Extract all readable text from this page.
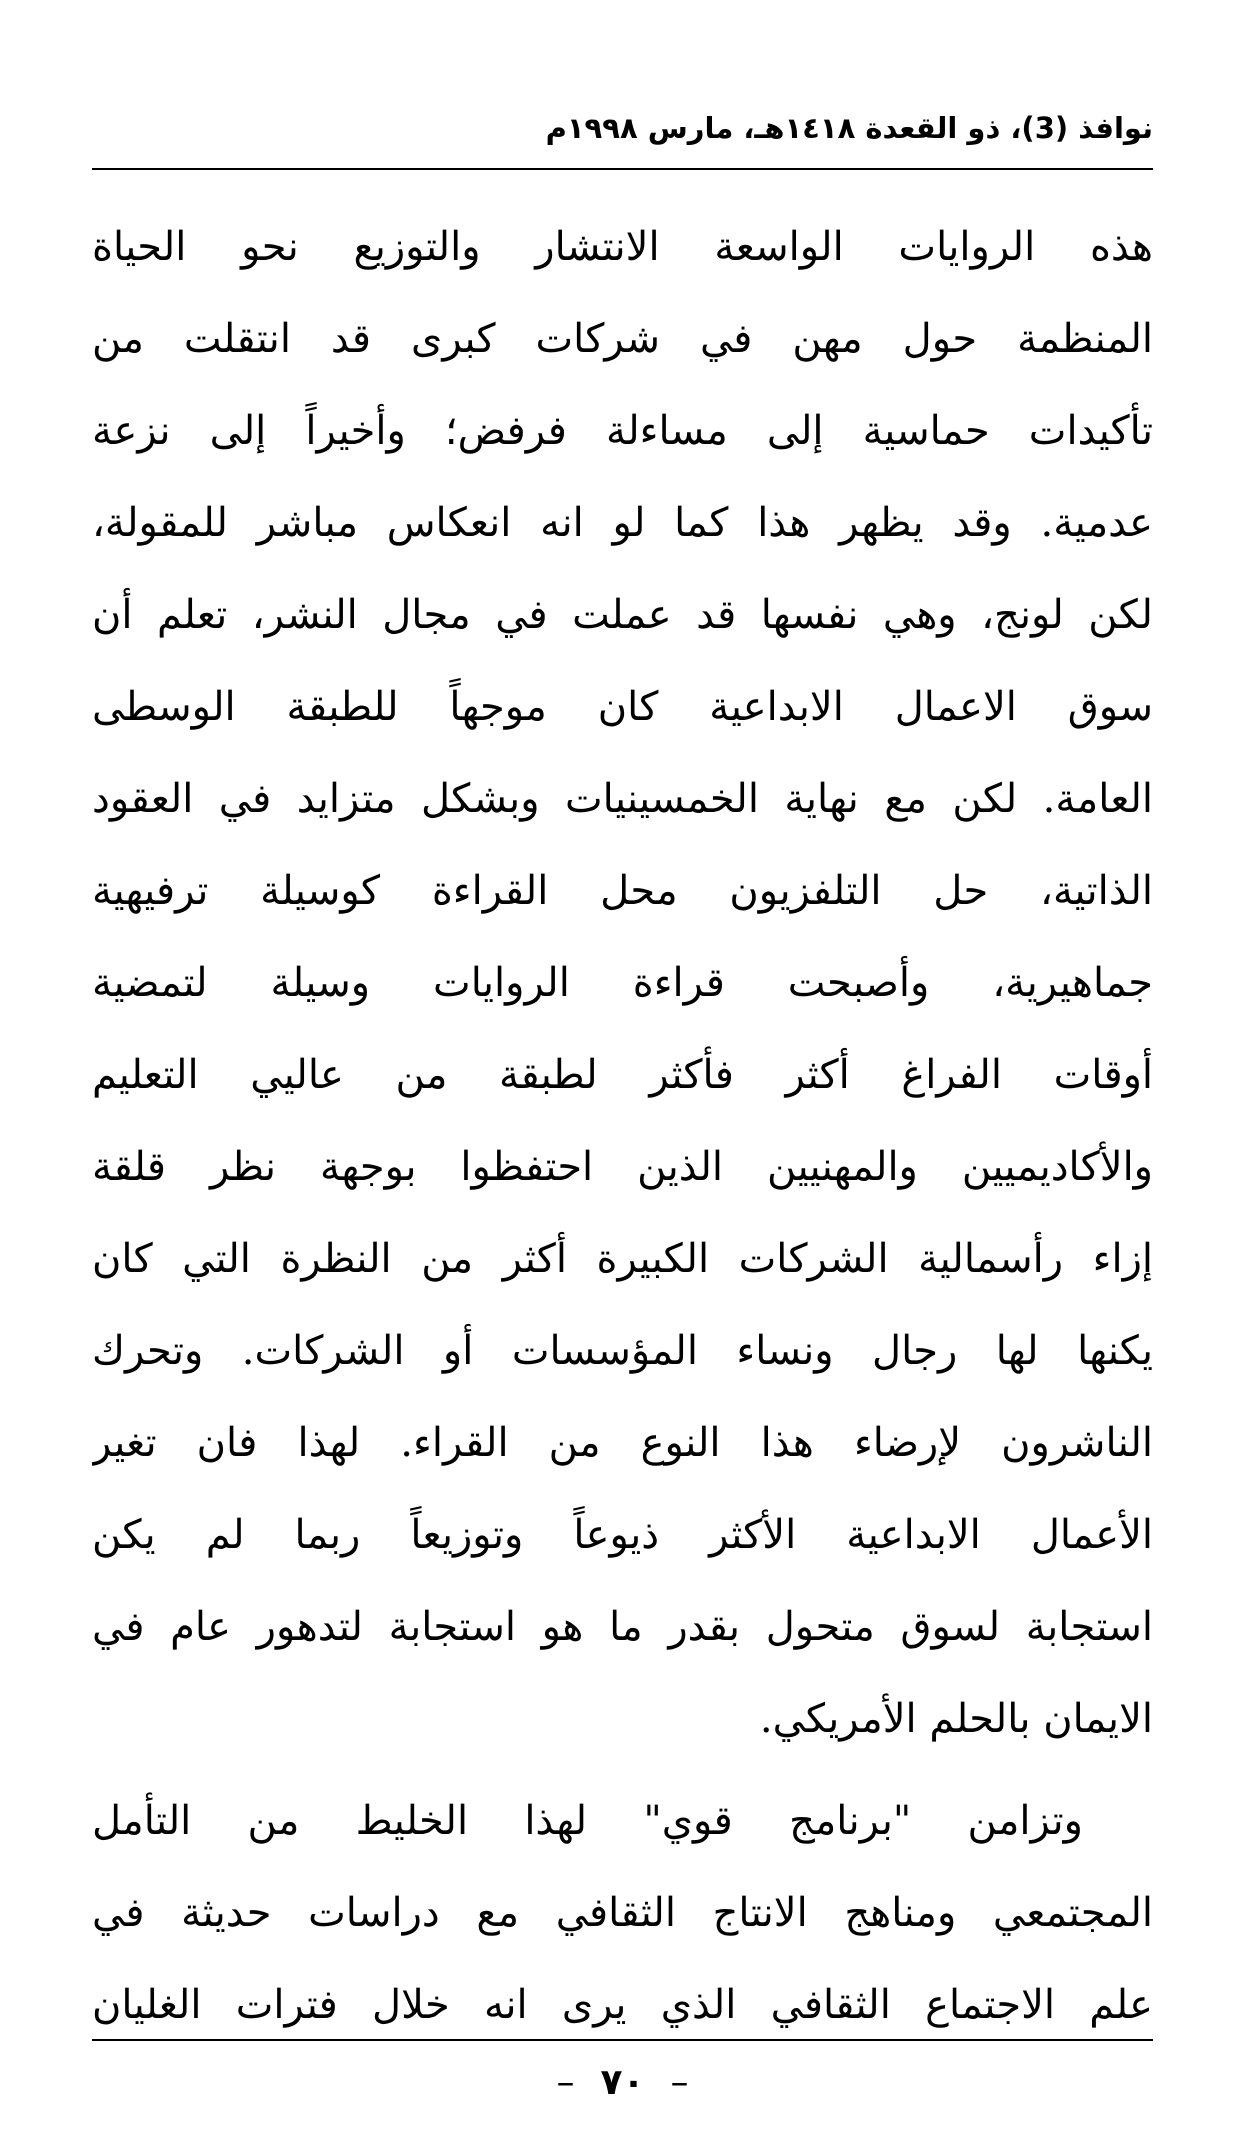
نوافذ (3)، ذو القعدة ١٤١٨هـ، مارس ١٩٩٨م
هذه الروايات الواسعة الانتشار والتوزيع نحو الحياة
المنظمة حول مهن في شركات كبرى قد انتقلت من
تأكيدات حماسية إلى مساءلة فرفض؛ وأخيراً إلى نزعة
عدمية. وقد يظهر هذا كما لو انه انعكاس مباشر للمقولة،
لكن لونج، وهي نفسها قد عملت في مجال النشر، تعلم أن
سوق الاعمال الابداعية كان موجهاً للطبقة الوسطى
العامة. لكن مع نهاية الخمسينيات وبشكل متزايد في العقود
الذاتية، حل التلفزيون محل القراءة كوسيلة ترفيهية
جماهيرية، وأصبحت قراءة الروايات وسيلة لتمضية
أوقات الفراغ أكثر فأكثر لطبقة من عاليي التعليم
والأكاديميين والمهنيين الذين احتفظوا بوجهة نظر قلقة
إزاء رأسمالية الشركات الكبيرة أكثر من النظرة التي كان
يكنها لها رجال ونساء المؤسسات أو الشركات. وتحرك
الناشرون لإرضاء هذا النوع من القراء. لهذا فان تغير
الأعمال الابداعية الأكثر ذيوعاً وتوزيعاً ربما لم يكن
استجابة لسوق متحول بقدر ما هو استجابة لتدهور عام في
الايمان بالحلم الأمريكي.
وتزامن "برنامج قوي" لهذا الخليط من التأمل
المجتمعي ومناهج الانتاج الثقافي مع دراسات حديثة في
علم الاجتماع الثقافي الذي يرى انه خلال فترات الغليان
–٧٠–
